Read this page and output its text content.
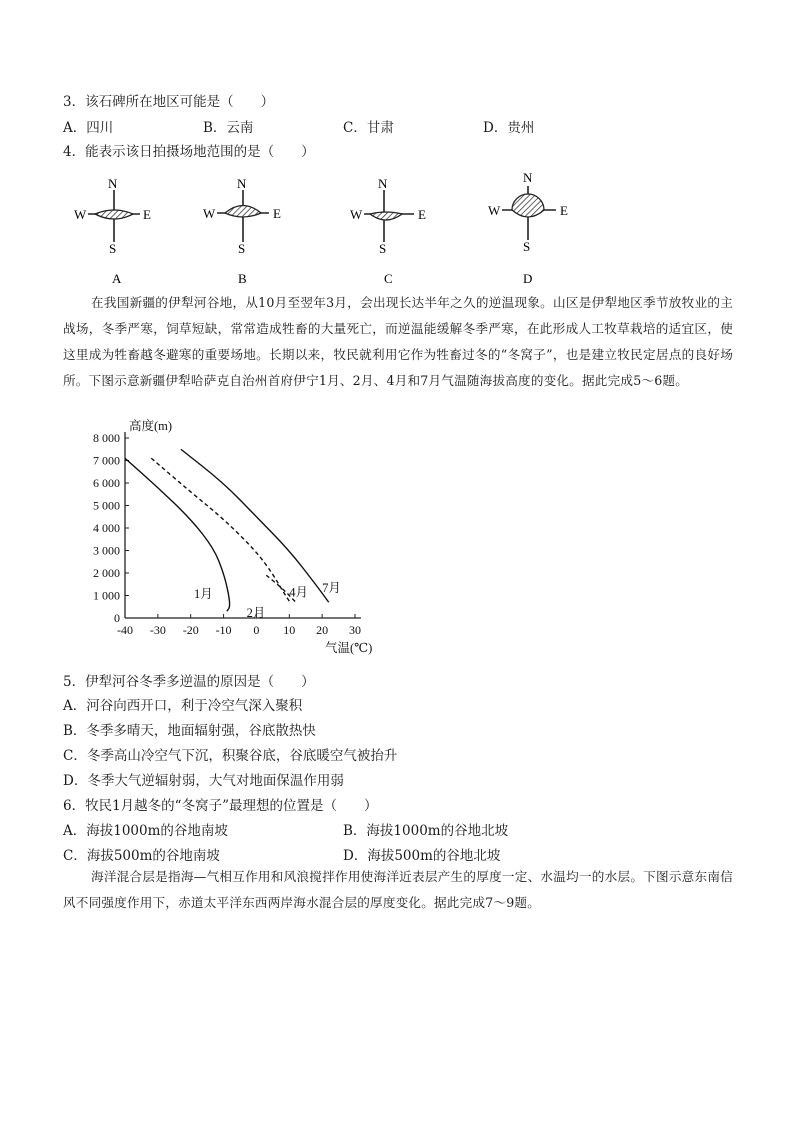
3．该石碑所在地区可能是（　　）
A．四川	B．云南	C．甘肃	D．贵州
4．能表示该日拍摄场地范围的是（　　）
N
S
E
W
N
S
E
W
N
S
E
W
N
S
E
W
A	B	C	D
在我国新疆的伊犁河谷地，从10月至翌年3月，会出现长达半年之久的逆温现象。山区是伊犁地区季节放牧业的主战场，冬季严寒，饲草短缺，常常造成牲畜的大量死亡，而逆温能缓解冬季严寒，在此形成人工牧草栽培的适宜区，使这里成为牲畜越冬避寒的重要场地。长期以来，牧民就利用它作为牲畜过冬的“冬窝子”，也是建立牧民定居点的良好场所。下图示意新疆伊犁哈萨克自治州首府伊宁1月、2月、4月和7月气温随海拔高度的变化。据此完成5～6题。
0
1 000
2 000
3 000
4 000
5 000
6 000
7 000
8 000
-40 -30 -20 -10 0 10 20 30
高度(m)
气温(℃)
1月
2月
4月 7月
5．伊犁河谷冬季多逆温的原因是（　　）
A．河谷向西开口，利于冷空气深入聚积
B．冬季多晴天，地面辐射强，谷底散热快
C．冬季高山冷空气下沉，积聚谷底，谷底暖空气被抬升
D．冬季大气逆辐射弱，大气对地面保温作用弱
6．牧民1月越冬的“冬窝子”最理想的位置是（　　）
A．海拔1000m的谷地南坡	B．海拔1000m的谷地北坡
C．海拔500m的谷地南坡	D．海拔500m的谷地北坡
海洋混合层是指海—气相互作用和风浪搅拌作用使海洋近表层产生的厚度一定、水温均一的水层。下图示意东南信风不同强度作用下，赤道太平洋东西两岸海水混合层的厚度变化。据此完成7～9题。
